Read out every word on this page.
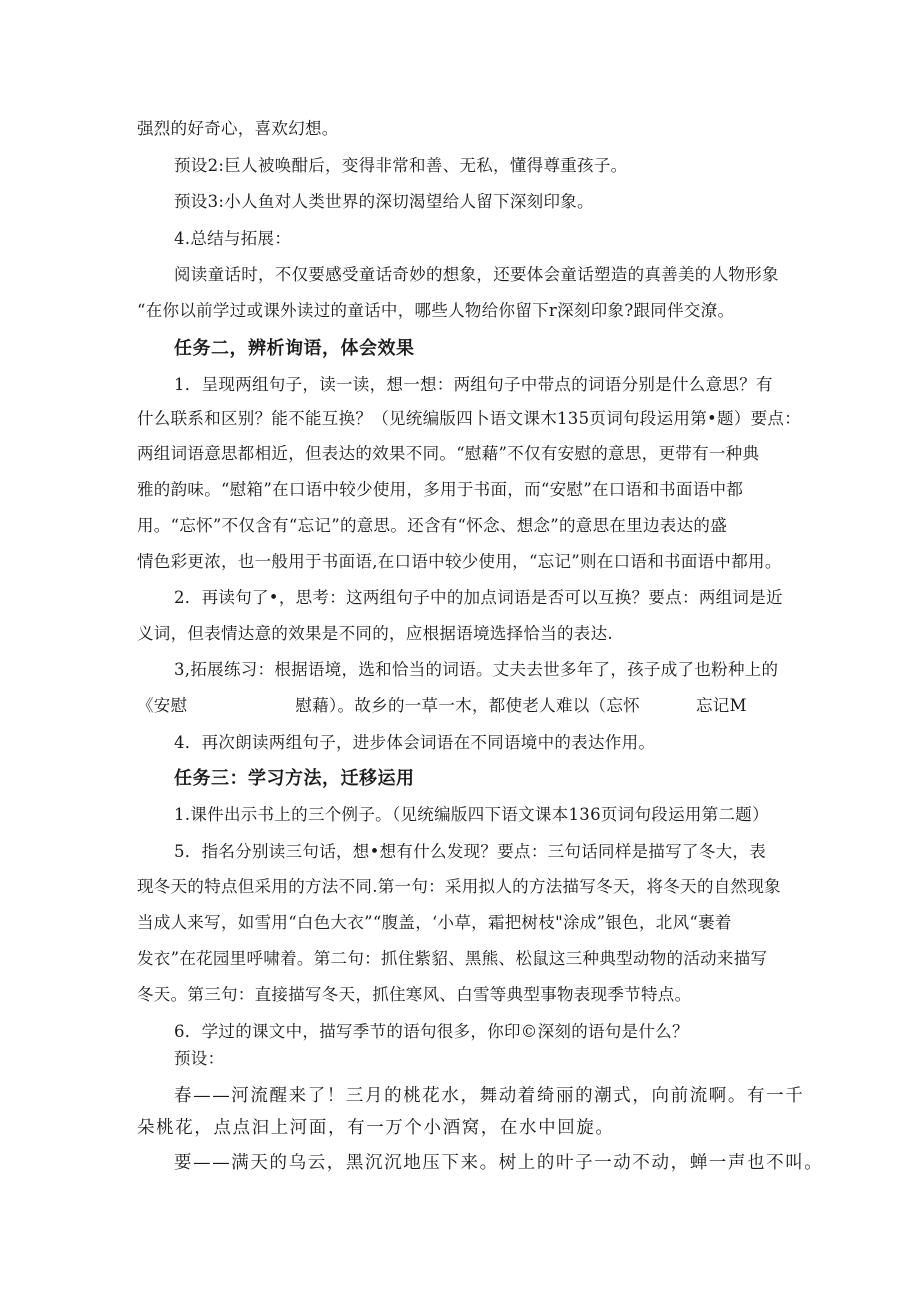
强烈的好奇心，喜欢幻想。
预设2:巨人被唤酣后，变得非常和善、无私，懂得尊重孩子。
预设3:小人鱼对人类世界的深切渴望给人留下深刻印象。
4.总结与拓展：
阅读童话时，不仅要感受童话奇妙的想象，还要体会童话塑造的真善美的人物形象
“在你以前学过或课外读过的童话中，哪些人物给你留下r深刻印象?跟同伴交潦。
任务二，辨析询语，体会效果
1．呈现两组句子，读一读，想一想：两组句子中带点的词语分别是什么意思？有
什么联系和区别？能不能互换？（见统编版四卜语文课木135页词句段运用第•题）要点：
两组词语意思都相近，但表达的效果不同。“慰藉”不仅有安慰的意思，更带有一种典
雅的韵味。“慰箱”在口语中较少使用，多用于书面，而“安慰”在口语和书面语中都
用。“忘怀”不仅含有“忘记”的意思。还含有“怀念、想念”的意思在里边表达的盛
情色彩更浓，也一般用于书面语,在口语中较少使用，“忘记”则在口语和书面语中都用。
2．再读句了•，思考：这两组句子中的加点词语是否可以互换？要点：两组词是近
义词，但表情达意的效果是不同的，应根据语境选择恰当的表达.
3,拓展练习：根据语境，选和恰当的词语。丈夫去世多年了，孩子成了也粉种上的
《安慰	慰藉）。故乡的一草一木，都使老人难以（忘怀	忘记M
4．再次朗读两组句子，进步体会词语在不同语境中的表达作用。
任务三：学习方法，迁移运用
1.课件出示书上的三个例子。（见统编版四下语文课本136页词句段运用第二题）
5．指名分别读三句话，想•想有什么发现？要点：三句话同样是描写了冬大，表
现冬天的特点但采用的方法不同.第一句：采用拟人的方法描写冬天，将冬天的自然现象
当成人来写，如雪用“白色大衣”“腹盖，‘小草，霜把树枝"涂成”银色，北风“裹着
发衣”在花园里呼啸着。第二句：抓住紫貂、黑熊、松鼠这三种典型动物的活动来描写
冬天。第三句：直接描写冬天，抓住寒风、白雪等典型事物表现季节特点。
6．学过的课文中，描写季节的语句很多，你印©深刻的语句是什么？
预设：
春——河流醒来了！三月的桃花水，舞动着绮丽的潮式，向前流啊。有一千
朵桃花，点点汩上河面，有一万个小酒窝，在水中回旋。
要——满天的乌云，黑沉沉地压下来。树上的叶子一动不动，蝉一声也不叫。
